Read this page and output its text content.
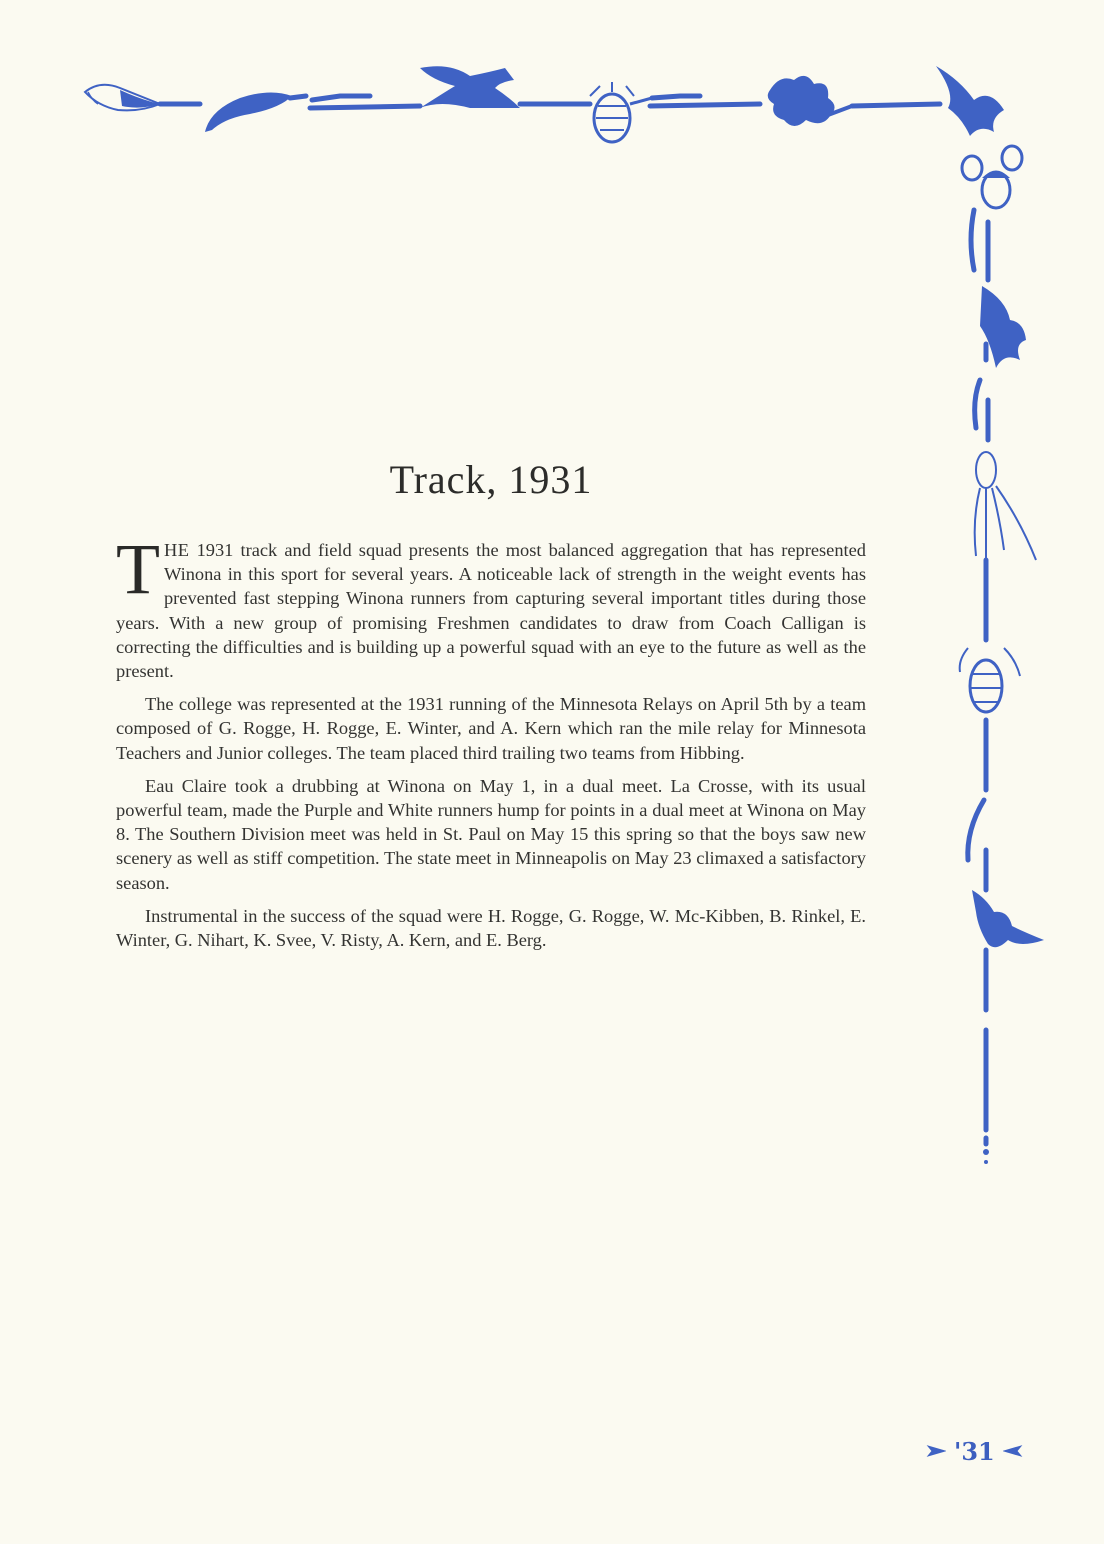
Track, 1931

THE 1931 track and field squad presents the most balanced aggregation that has represented Winona in this sport for several years. A noticeable lack of strength in the weight events has prevented fast stepping Winona runners from capturing several important titles during those years. With a new group of promising Freshmen candidates to draw from Coach Calligan is correcting the difficulties and is building up a powerful squad with an eye to the future as well as the present.

The college was represented at the 1931 running of the Minnesota Relays on April 5th by a team composed of G. Rogge, H. Rogge, E. Winter, and A. Kern which ran the mile relay for Minnesota Teachers and Junior colleges. The team placed third trailing two teams from Hibbing.

Eau Claire took a drubbing at Winona on May 1, in a dual meet. La Crosse, with its usual powerful team, made the Purple and White runners hump for points in a dual meet at Winona on May 8. The Southern Division meet was held in St. Paul on May 15 this spring so that the boys saw new scenery as well as stiff competition. The state meet in Minneapolis on May 23 climaxed a satisfactory season.

Instrumental in the success of the squad were H. Rogge, G. Rogge, W. Mc-Kibben, B. Rinkel, E. Winter, G. Nihart, K. Svee, V. Risty, A. Kern, and E. Berg.

'31
